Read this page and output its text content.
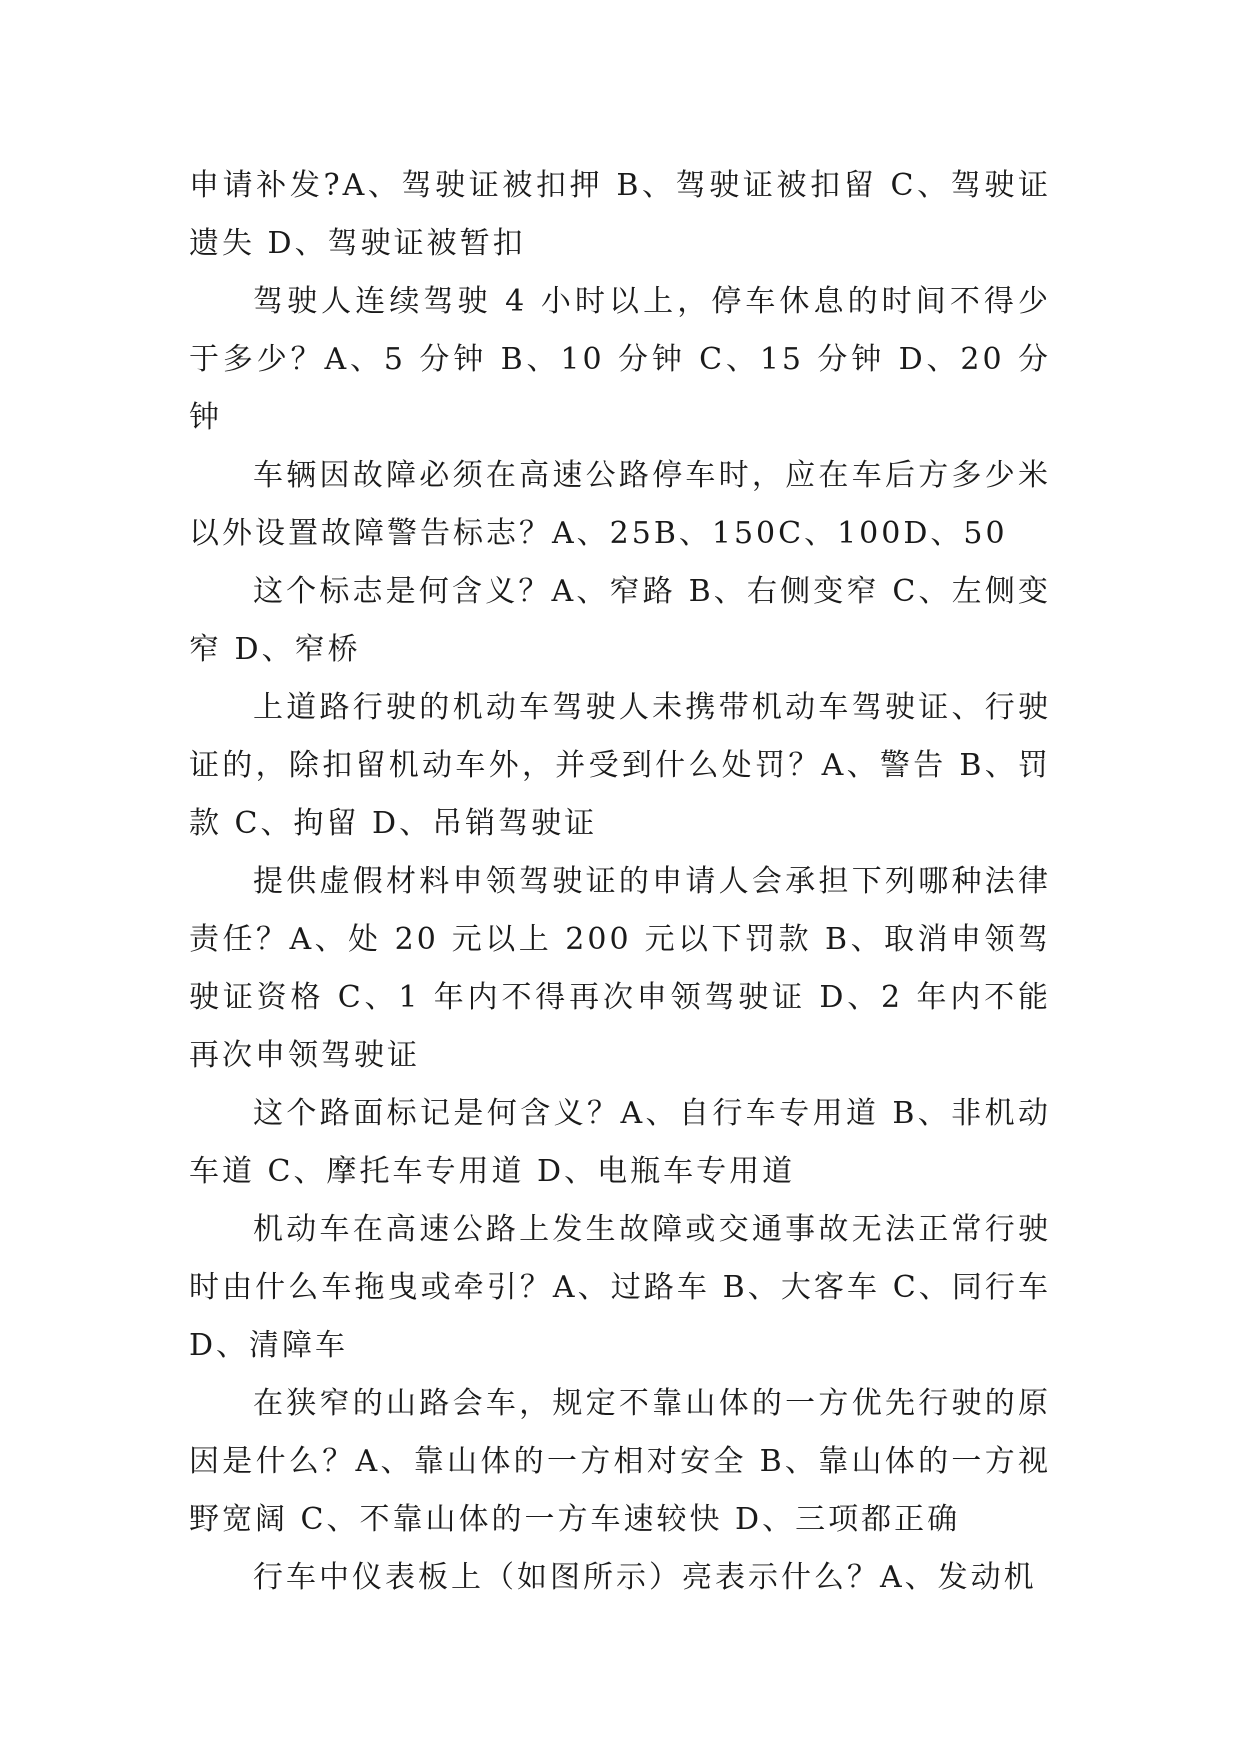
申请补发?A、驾驶证被扣押 B、驾驶证被扣留 C、驾驶证遗失 D、驾驶证被暂扣

驾驶人连续驾驶 4 小时以上，停车休息的时间不得少于多少？A、5 分钟 B、10 分钟 C、15 分钟 D、20 分钟

车辆因故障必须在高速公路停车时，应在车后方多少米以外设置故障警告标志？A、25B、150C、100D、50

这个标志是何含义？A、窄路 B、右侧变窄 C、左侧变窄 D、窄桥

上道路行驶的机动车驾驶人未携带机动车驾驶证、行驶证的，除扣留机动车外，并受到什么处罚？A、警告 B、罚款 C、拘留 D、吊销驾驶证

提供虚假材料申领驾驶证的申请人会承担下列哪种法律责任？A、处 20 元以上 200 元以下罚款 B、取消申领驾驶证资格 C、1 年内不得再次申领驾驶证 D、2 年内不能再次申领驾驶证

这个路面标记是何含义？A、自行车专用道 B、非机动车道 C、摩托车专用道 D、电瓶车专用道

机动车在高速公路上发生故障或交通事故无法正常行驶时由什么车拖曳或牵引？A、过路车 B、大客车 C、同行车 D、清障车

在狭窄的山路会车，规定不靠山体的一方优先行驶的原因是什么？A、靠山体的一方相对安全 B、靠山体的一方视野宽阔 C、不靠山体的一方车速较快 D、三项都正确

行车中仪表板上（如图所示）亮表示什么？A、发动机
